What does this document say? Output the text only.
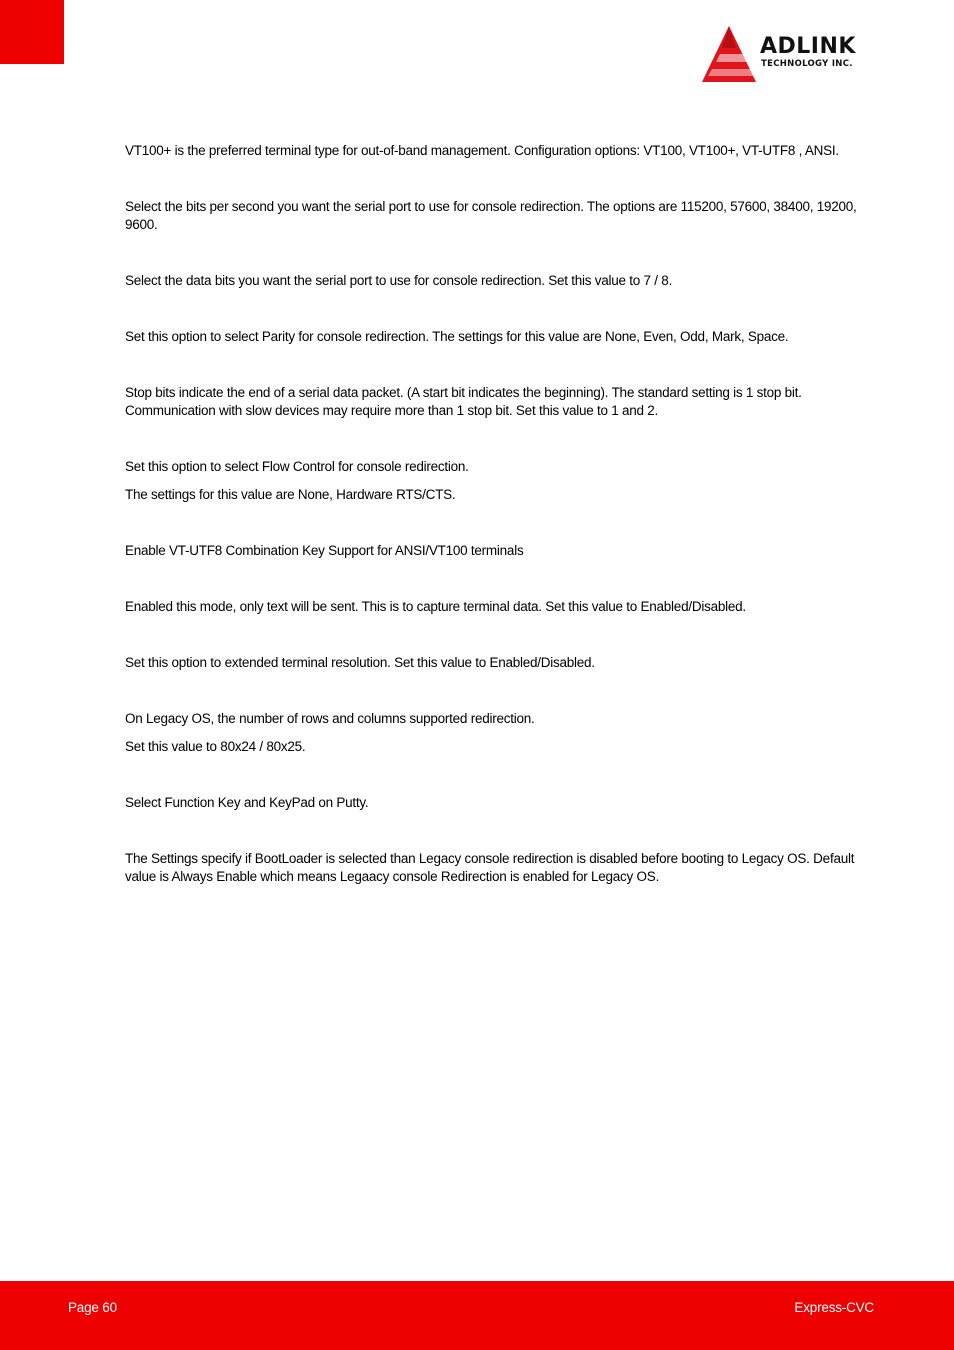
ADLINK
TECHNOLOGY INC.

VT100+ is the preferred terminal type for out-of-band management. Configuration options: VT100, VT100+, VT-UTF8 , ANSI.

Select the bits per second you want the serial port to use for console redirection. The options are 115200, 57600, 38400, 19200, 9600.

Select the data bits you want the serial port to use for console redirection. Set this value to 7 / 8.

Set this option to select Parity for console redirection. The settings for this value are None, Even, Odd, Mark, Space.

Stop bits indicate the end of a serial data packet. (A start bit indicates the beginning). The standard setting is 1 stop bit. Communication with slow devices may require more than 1 stop bit. Set this value to 1 and 2.

Set this option to select Flow Control for console redirection.

The settings for this value are None, Hardware RTS/CTS.

Enable VT-UTF8 Combination Key Support for ANSI/VT100 terminals

Enabled this mode, only text will be sent. This is to capture terminal data. Set this value to Enabled/Disabled.

Set this option to extended terminal resolution. Set this value to Enabled/Disabled.

On Legacy OS, the number of rows and columns supported redirection.

Set this value to 80x24 / 80x25.

Select Function Key and KeyPad on Putty.

The Settings specify if BootLoader is selected than Legacy console redirection is disabled before booting to Legacy OS. Default value is Always Enable which means Legaacy console Redirection is enabled for Legacy OS.

Page 60	Express-CVC
